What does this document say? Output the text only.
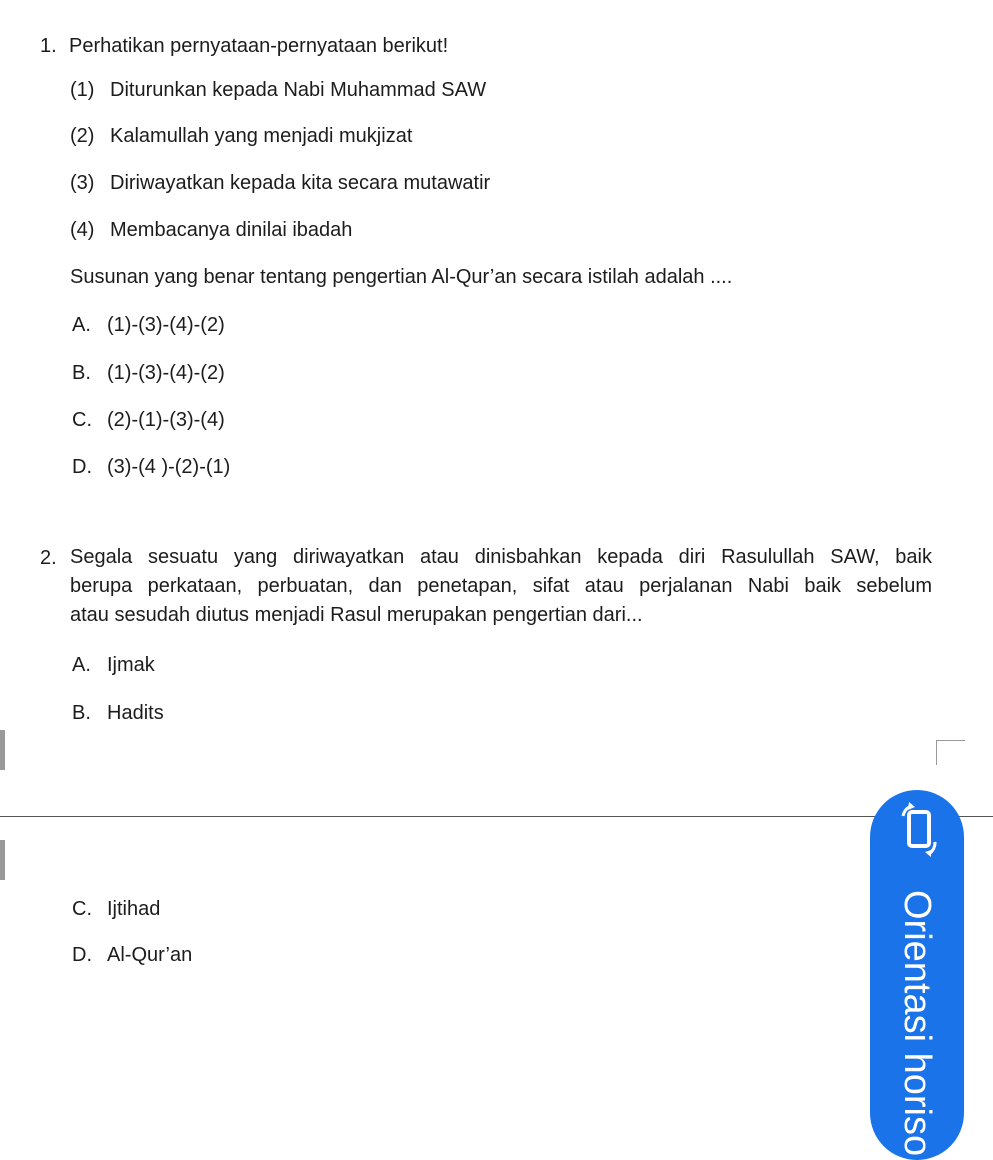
1. Perhatikan pernyataan-pernyataan berikut!
(1) Diturunkan kepada Nabi Muhammad SAW
(2) Kalamullah yang menjadi mukjizat
(3) Diriwayatkan kepada kita secara mutawatir
(4) Membacanya dinilai ibadah
Susunan yang benar tentang pengertian Al-Qur’an secara istilah adalah ....
A. (1)-(3)-(4)-(2)
B. (1)-(3)-(4)-(2)
C. (2)-(1)-(3)-(4)
D. (3)-(4 )-(2)-(1)
2. Segala sesuatu yang diriwayatkan atau dinisbahkan kepada diri Rasulullah SAW, baik
berupa perkataan, perbuatan, dan penetapan, sifat atau perjalanan Nabi baik sebelum
atau sesudah diutus menjadi Rasul merupakan pengertian dari...
A. Ijmak
B. Hadits
C. Ijtihad
D. Al-Qur’an	Orientasi horiso
